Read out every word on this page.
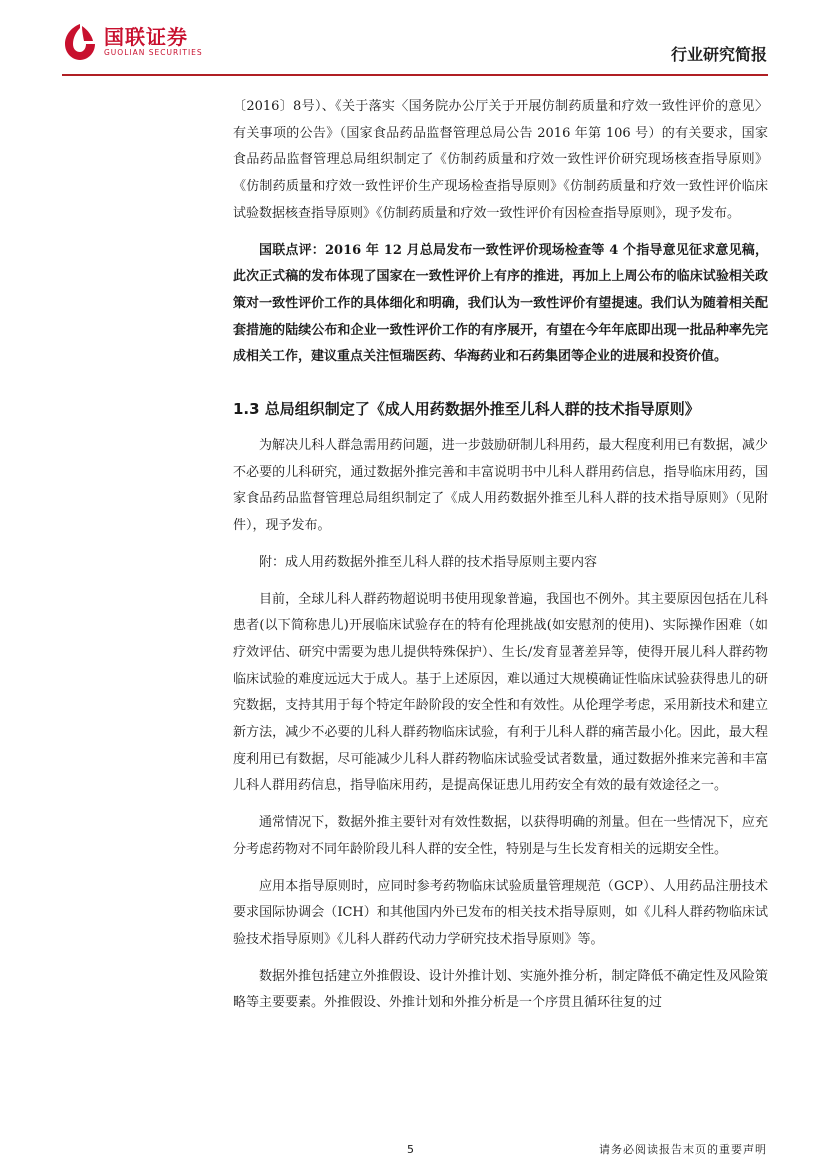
国联证券
GUOLIAN SECURITIES	行业研究简报

〔2016〕8号）、《关于落实〈国务院办公厅关于开展仿制药质量和疗效一致性评价的意见〉有关事项的公告》（国家食品药品监督管理总局公告 2016 年第 106 号）的有关要求，国家食品药品监督管理总局组织制定了《仿制药质量和疗效一致性评价研究现场核查指导原则》《仿制药质量和疗效一致性评价生产现场检查指导原则》《仿制药质量和疗效一致性评价临床试验数据核查指导原则》《仿制药质量和疗效一致性评价有因检查指导原则》，现予发布。

国联点评：2016 年 12 月总局发布一致性评价现场检查等 4 个指导意见征求意见稿，此次正式稿的发布体现了国家在一致性评价上有序的推进，再加上上周公布的临床试验相关政策对一致性评价工作的具体细化和明确，我们认为一致性评价有望提速。我们认为随着相关配套措施的陆续公布和企业一致性评价工作的有序展开，有望在今年年底即出现一批品种率先完成相关工作，建议重点关注恒瑞医药、华海药业和石药集团等企业的进展和投资价值。

1.3 总局组织制定了《成人用药数据外推至儿科人群的技术指导原则》

为解决儿科人群急需用药问题，进一步鼓励研制儿科用药，最大程度利用已有数据，减少不必要的儿科研究，通过数据外推完善和丰富说明书中儿科人群用药信息，指导临床用药，国家食品药品监督管理总局组织制定了《成人用药数据外推至儿科人群的技术指导原则》（见附件），现予发布。

附：成人用药数据外推至儿科人群的技术指导原则主要内容

目前，全球儿科人群药物超说明书使用现象普遍，我国也不例外。其主要原因包括在儿科患者(以下简称患儿)开展临床试验存在的特有伦理挑战(如安慰剂的使用)、实际操作困难（如疗效评估、研究中需要为患儿提供特殊保护）、生长/发育显著差异等，使得开展儿科人群药物临床试验的难度远远大于成人。基于上述原因，难以通过大规模确证性临床试验获得患儿的研究数据，支持其用于每个特定年龄阶段的安全性和有效性。从伦理学考虑，采用新技术和建立新方法，减少不必要的儿科人群药物临床试验，有利于儿科人群的痛苦最小化。因此，最大程度利用已有数据，尽可能减少儿科人群药物临床试验受试者数量，通过数据外推来完善和丰富儿科人群用药信息，指导临床用药，是提高保证患儿用药安全有效的最有效途径之一。

通常情况下，数据外推主要针对有效性数据，以获得明确的剂量。但在一些情况下，应充分考虑药物对不同年龄阶段儿科人群的安全性，特别是与生长发育相关的远期安全性。

应用本指导原则时，应同时参考药物临床试验质量管理规范（GCP）、人用药品注册技术要求国际协调会（ICH）和其他国内外已发布的相关技术指导原则，如《儿科人群药物临床试验技术指导原则》《儿科人群药代动力学研究技术指导原则》等。

数据外推包括建立外推假设、设计外推计划、实施外推分析，制定降低不确定性及风险策略等主要要素。外推假设、外推计划和外推分析是一个序贯且循环往复的过

5	请务必阅读报告末页的重要声明
